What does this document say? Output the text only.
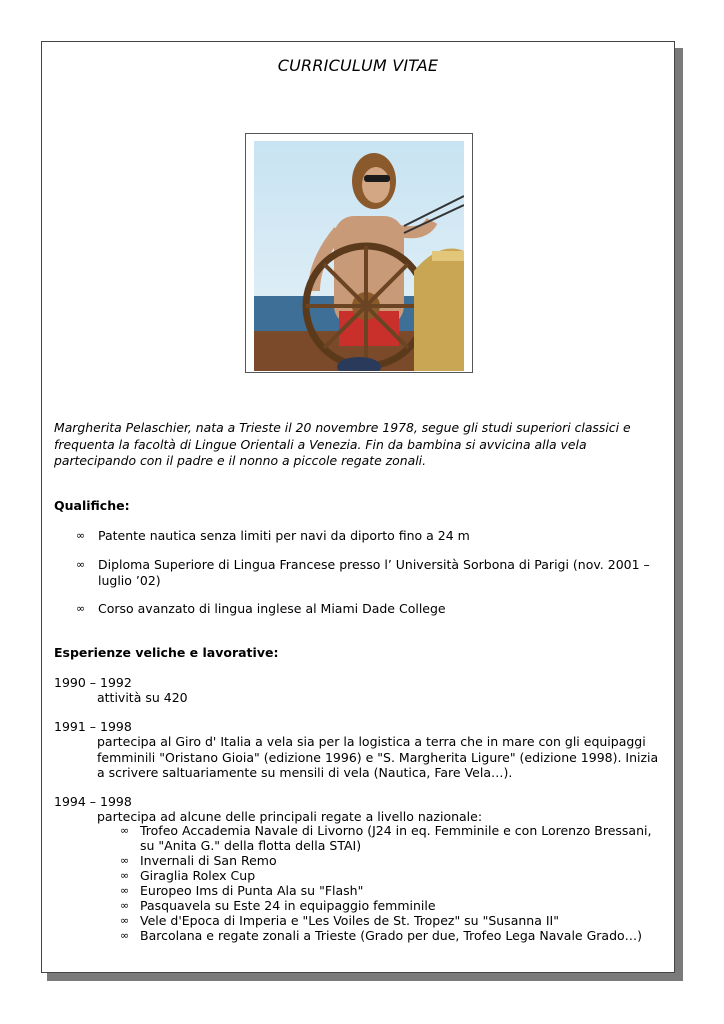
CURRICULUM VITAE
Margherita Pelaschier, nata a Trieste il 20 novembre 1978, segue gli studi superiori classici e frequenta la facoltà di Lingue Orientali a Venezia. Fin da bambina si avvicina alla vela partecipando con il padre e il nonno a piccole regate zonali.
Qualifiche:
∞ Patente nautica senza limiti per navi da diporto fino a 24 m
∞ Diploma Superiore di Lingua Francese presso l’ Università Sorbona di Parigi (nov. 2001 – luglio ’02)
∞ Corso avanzato di lingua inglese al Miami Dade College
Esperienze veliche e lavorative:
1990 – 1992
attività su 420
1991 – 1998
partecipa al Giro d' Italia a vela sia per la logistica a terra che in mare con gli equipaggi femminili "Oristano Gioia" (edizione 1996) e "S. Margherita Ligure" (edizione 1998). Inizia a scrivere saltuariamente su mensili di vela (Nautica, Fare Vela…).
1994 – 1998
partecipa ad alcune delle principali regate a livello nazionale:
∞ Trofeo Accademia Navale di Livorno (J24 in eq. Femminile e con Lorenzo Bressani, su "Anita G." della flotta della STAI)
∞ Invernali di San Remo
∞ Giraglia Rolex Cup
∞ Europeo Ims di Punta Ala su "Flash"
∞ Pasquavela su Este 24 in equipaggio femminile
∞ Vele d'Epoca di Imperia e "Les Voiles de St. Tropez" su "Susanna II"
∞ Barcolana e regate zonali a Trieste (Grado per due, Trofeo Lega Navale Grado…)
